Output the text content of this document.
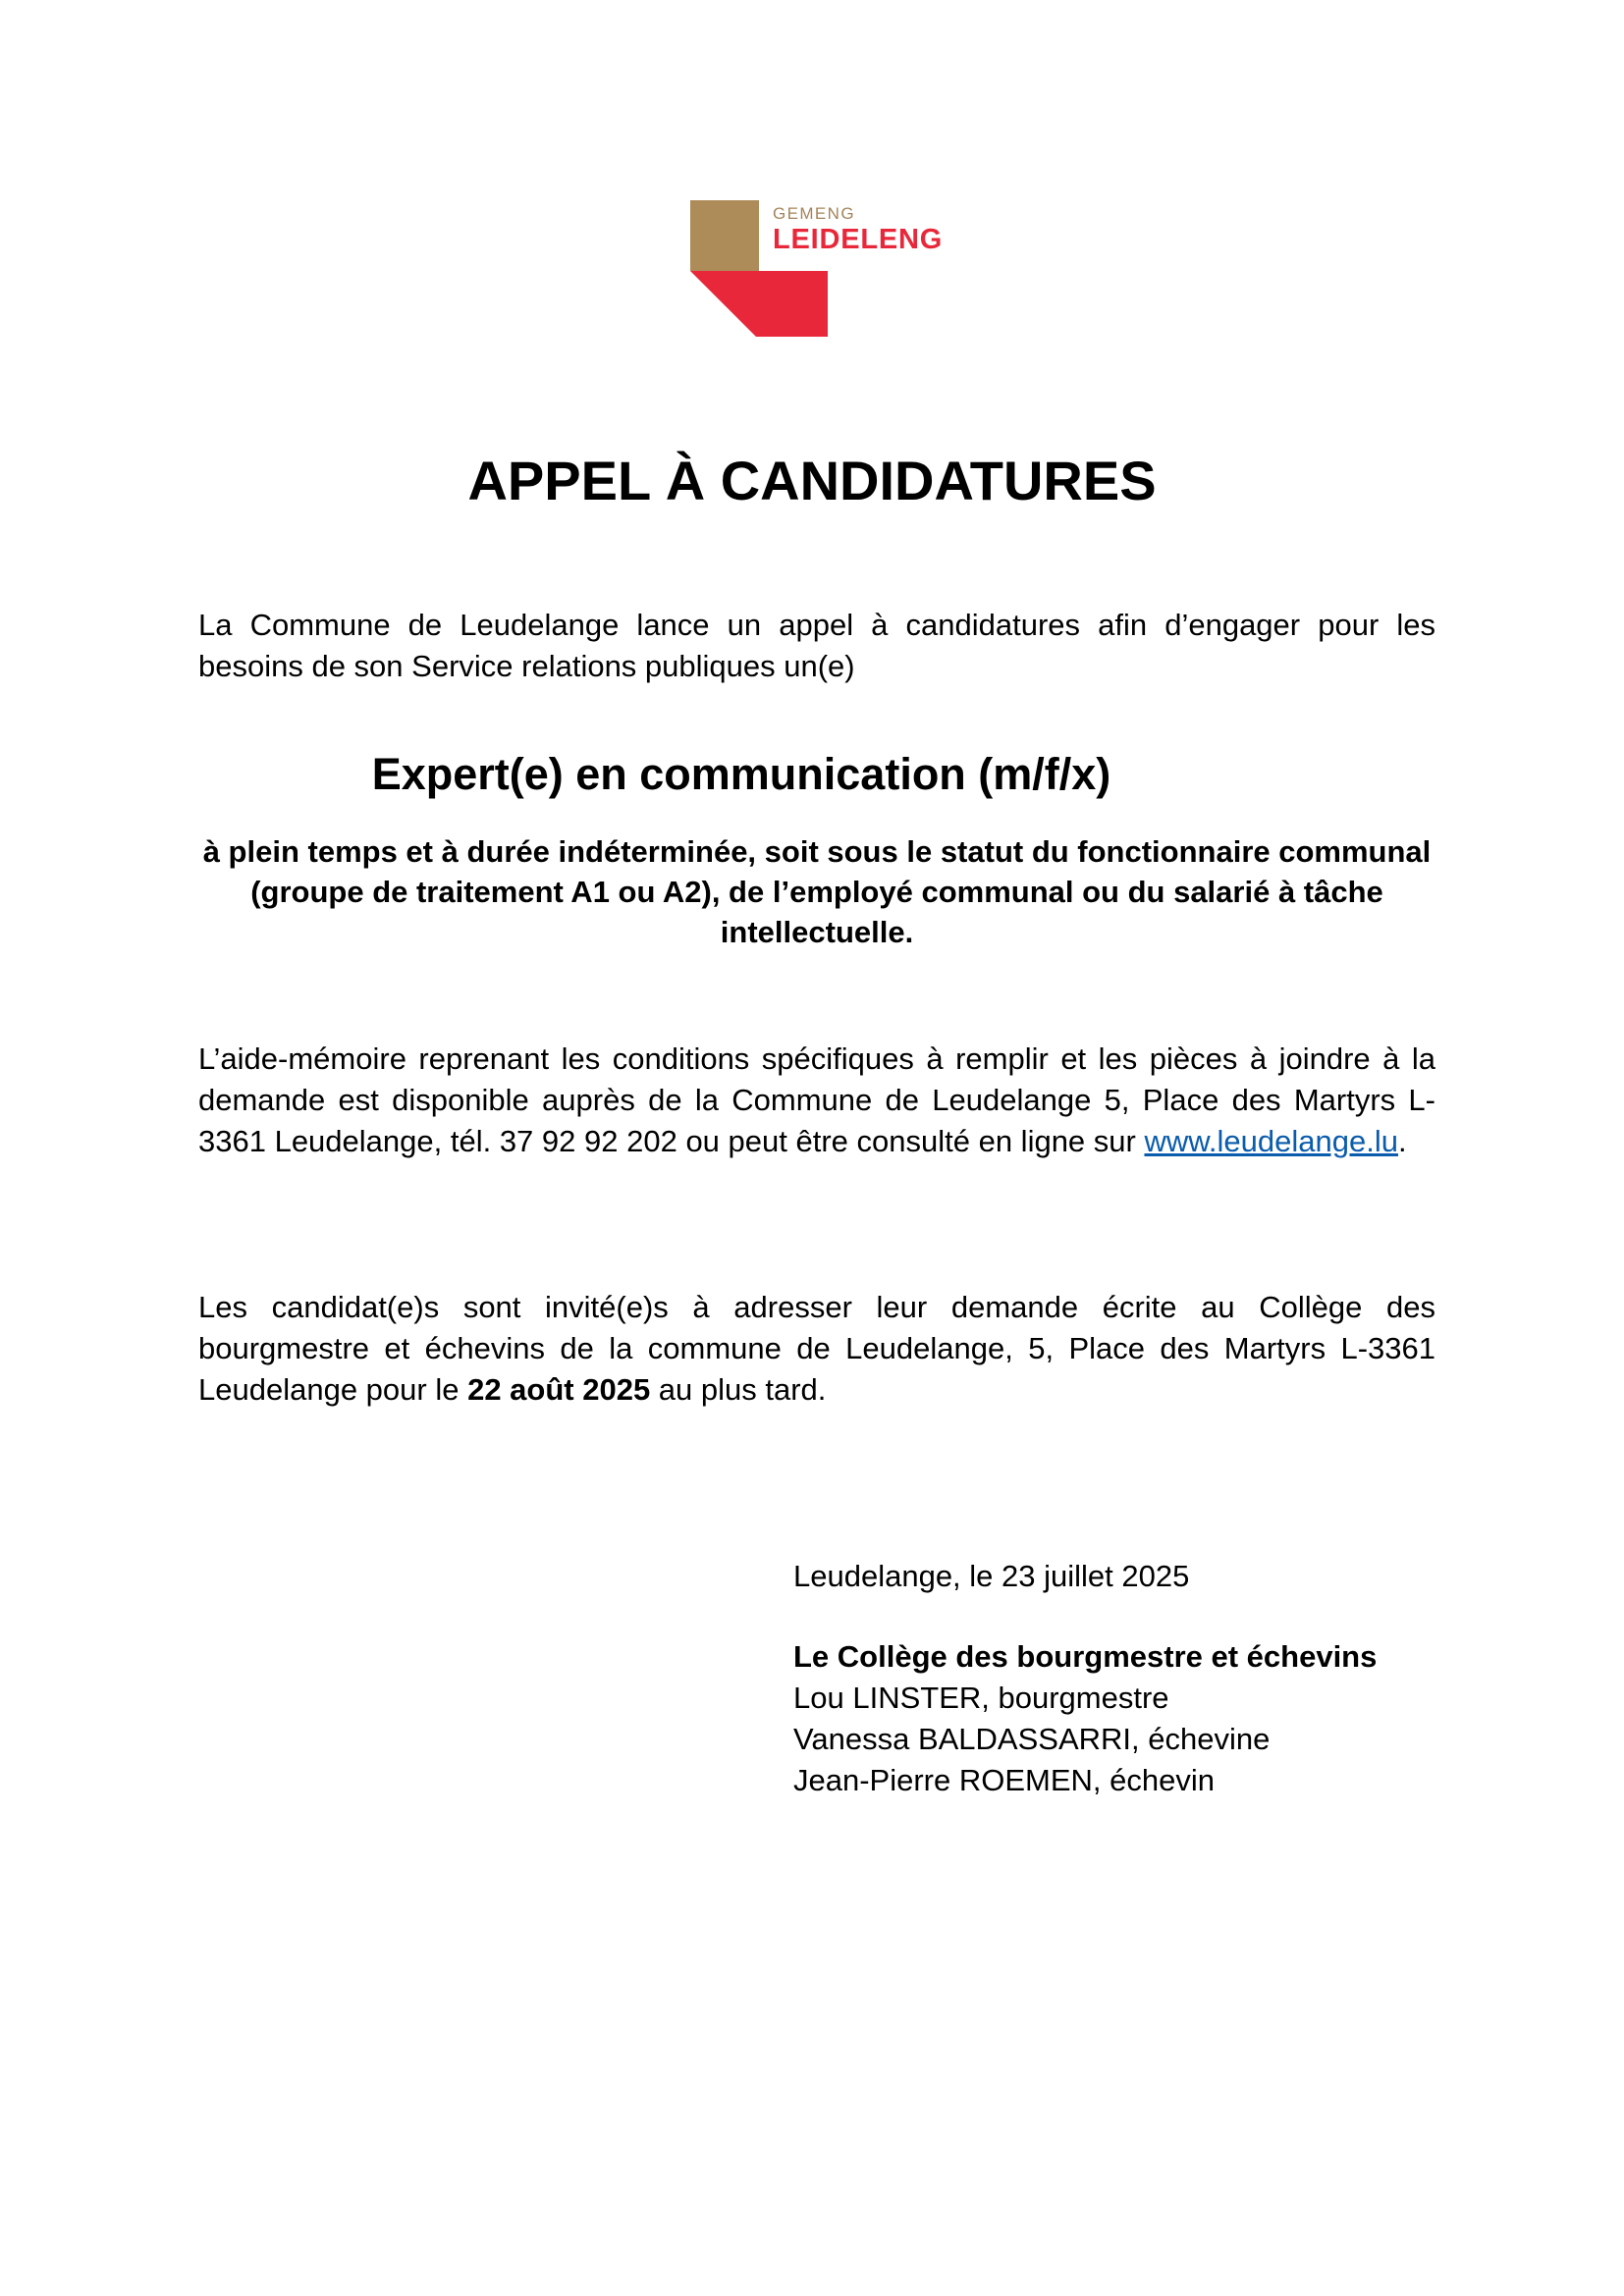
GEMENG
LEIDELENG
APPEL À CANDIDATURES
La Commune de Leudelange lance un appel à candidatures afin d’engager pour les besoins de son Service relations publiques un(e)
Expert(e) en communication (m/f/x)
à plein temps et à durée indéterminée, soit sous le statut du fonctionnaire communal (groupe de traitement A1 ou A2), de l’employé communal ou du salarié à tâche intellectuelle.
L’aide-mémoire reprenant les conditions spécifiques à remplir et les pièces à joindre à la demande est disponible auprès de la Commune de Leudelange 5, Place des Martyrs L-3361 Leudelange, tél. 37 92 92 202 ou peut être consulté en ligne sur www.leudelange.lu.
Les candidat(e)s sont invité(e)s à adresser leur demande écrite au Collège des bourgmestre et échevins de la commune de Leudelange, 5, Place des Martyrs L-3361 Leudelange pour le 22 août 2025 au plus tard.
Leudelange, le 23 juillet 2025
Le Collège des bourgmestre et échevins
Lou LINSTER, bourgmestre
Vanessa BALDASSARRI, échevine
Jean-Pierre ROEMEN, échevin
